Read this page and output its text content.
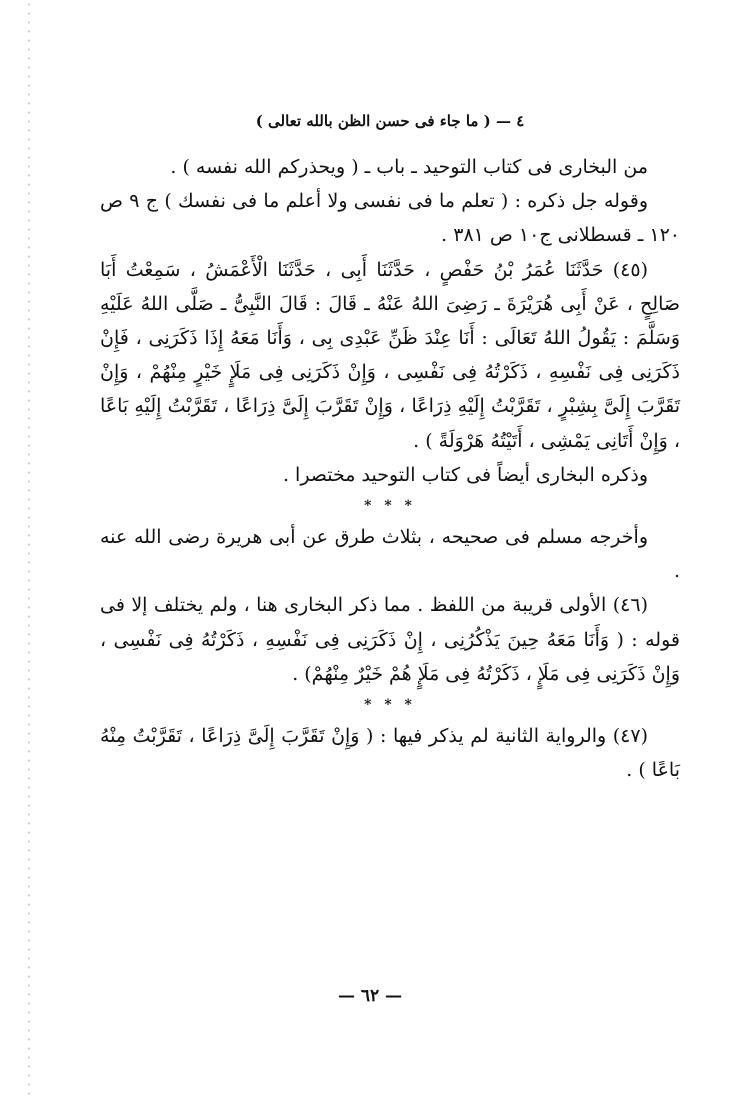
٤ — ( ما جاء فى حسن الظن بالله تعالى )

من البخارى فى كتاب التوحيد ـ باب ـ ( ويحذركم الله نفسه ) .

وقوله جل ذكره : ( تعلم ما فى نفسى ولا أعلم ما فى نفسك ) ج ٩ ص ١٢٠ ـ قسطلانى ج١٠ ص ٣٨١ .

(٤٥) حَدَّثَنَا عُمَرُ بْنُ حَفْصٍ ، حَدَّثَنَا أَبِى ، حَدَّثَنَا الْأَعْمَشُ ، سَمِعْتُ أَبَا صَالِحٍ ، عَنْ أَبِى هُرَيْرَةَ ـ رَضِىَ اللهُ عَنْهُ ـ قَالَ : قَالَ النَّبِىُّ ـ صَلَّى اللهُ عَلَيْهِ وَسَلَّمَ : يَقُولُ اللهُ تَعَالَى : أَنَا عِنْدَ ظَنِّ عَبْدِى بِى ، وَأَنَا مَعَهُ إِذَا ذَكَرَنِى ، فَإِنْ ذَكَرَنِى فِى نَفْسِهِ ، ذَكَرْتُهُ فِى نَفْسِى ، وَإِنْ ذَكَرَنِى فِى مَلَإٍ خَيْرٍ مِنْهُمْ ، وَإِنْ تَقَرَّبَ إِلَىَّ بِشِبْرٍ ، تَقَرَّبْتُ إِلَيْهِ ذِرَاعًا ، وَإِنْ تَقَرَّبَ إِلَىَّ ذِرَاعًا ، تَقَرَّبْتُ إِلَيْهِ بَاعًا ، وَإِنْ أَتَانِى يَمْشِى ، أَتَيْتُهُ هَرْوَلَةً ) .

وذكره البخارى أيضاً فى كتاب التوحيد مختصرا .

* * *

وأخرجه مسلم فى صحيحه ، بثلاث طرق عن أبى هريرة رضى الله عنه .

(٤٦) الأولى قريبة من اللفظ . مما ذكر البخارى هنا ، ولم يختلف إلا فى قوله : ( وَأَنَا مَعَهُ حِينَ يَذْكُرُنِى ، إِنْ ذَكَرَنِى فِى نَفْسِهِ ، ذَكَرْتُهُ فِى نَفْسِى ، وَإِنْ ذَكَرَنِى فِى مَلَإٍ ، ذَكَرْتُهُ فِى مَلَإٍ هُمْ خَيْرٌ مِنْهُمْ) .

* * *

(٤٧) والرواية الثانية لم يذكر فيها : ( وَإِنْ تَقَرَّبَ إِلَىَّ ذِرَاعًا ، تَقَرَّبْتُ مِنْهُ بَاعًا ) .

— ٦٢ —
